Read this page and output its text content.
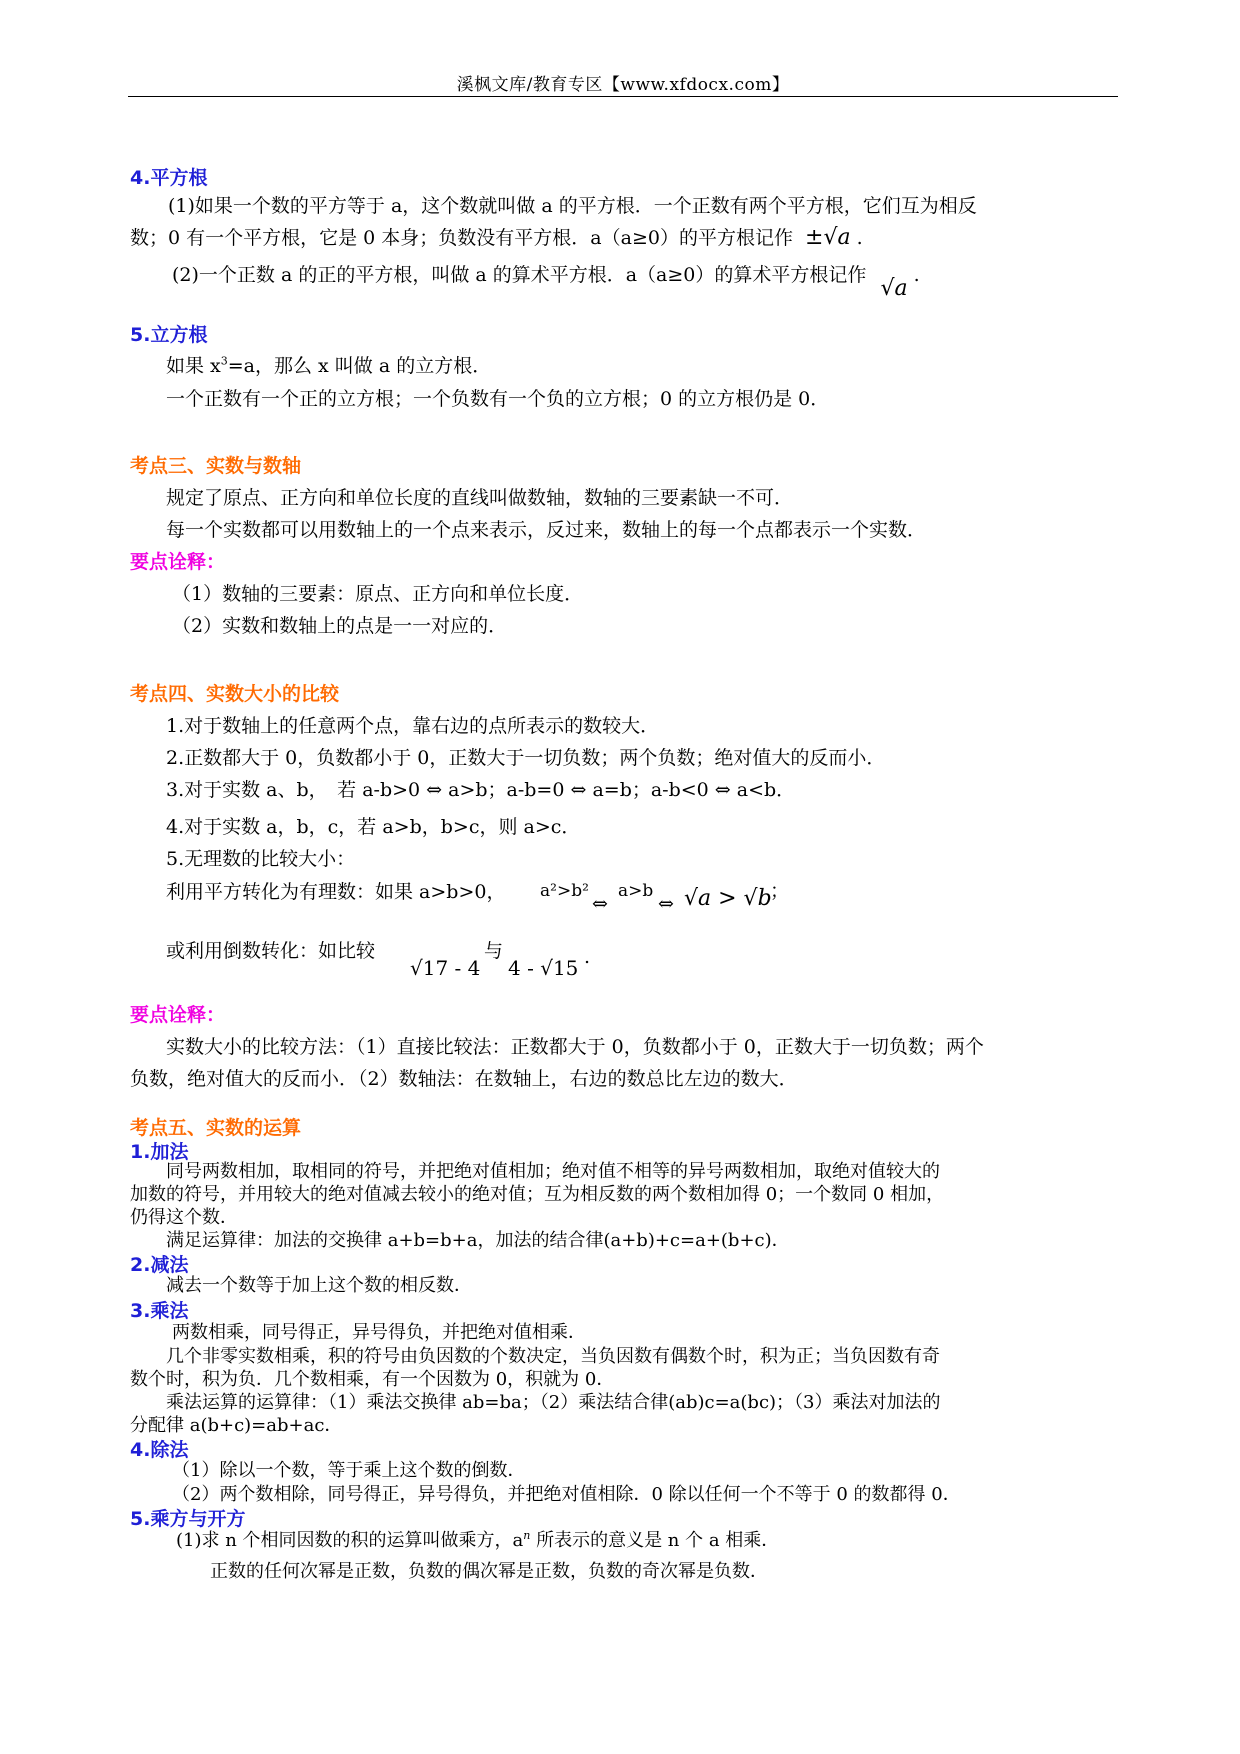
溪枫文库/教育专区【www.xfdocx.com】
4.平方根
(1)如果一个数的平方等于 a，这个数就叫做 a 的平方根．一个正数有两个平方根，它们互为相反
数；0 有一个平方根，它是 0 本身；负数没有平方根．a（a≥0）的平方根记作 ±√a .
(2)一个正数 a 的正的平方根，叫做 a 的算术平方根．a（a≥0）的算术平方根记作 √a .
5.立方根
如果 $x^3=a$，那么 x 叫做 a 的立方根．
一个正数有一个正的立方根；一个负数有一个负的立方根；0 的立方根仍是 0．
考点三、实数与数轴
规定了原点、正方向和单位长度的直线叫做数轴，数轴的三要素缺一不可．
每一个实数都可以用数轴上的一个点来表示，反过来，数轴上的每一个点都表示一个实数．
要点诠释：
（1）数轴的三要素：原点、正方向和单位长度．
（2）实数和数轴上的点是一一对应的．
考点四、实数大小的比较
1.对于数轴上的任意两个点，靠右边的点所表示的数较大．
2.正数都大于 0，负数都小于 0，正数大于一切负数；两个负数；绝对值大的反而小．
3.对于实数 a、b，　若 a-b>0 ⇔ a>b；a-b=0 ⇔ a=b；a-b<0 ⇔ a<b．
4.对于实数 a，b，c，若 a>b，b>c，则 a>c．
5.无理数的比较大小：
利用平方转化为有理数：如果 a>b>0， a²>b²
⇔
a>b
⇔ √a > √b
；
或利用倒数转化：如比较
√17 - 4
与
4 - √15 .
要点诠释：
实数大小的比较方法：（1）直接比较法：正数都大于 0，负数都小于 0，正数大于一切负数；两个
负数，绝对值大的反而小．（2）数轴法：在数轴上，右边的数总比左边的数大．
考点五、实数的运算
1.加法
同号两数相加，取相同的符号，并把绝对值相加；绝对值不相等的异号两数相加，取绝对值较大的
加数的符号，并用较大的绝对值减去较小的绝对值；互为相反数的两个数相加得 0；一个数同 0 相加，
仍得这个数．
满足运算律：加法的交换律 a+b=b+a，加法的结合律(a+b)+c=a+(b+c)．
2.减法
减去一个数等于加上这个数的相反数．
3.乘法
两数相乘，同号得正，异号得负，并把绝对值相乘．
几个非零实数相乘，积的符号由负因数的个数决定，当负因数有偶数个时，积为正；当负因数有奇
数个时，积为负．几个数相乘，有一个因数为 0，积就为 0．
乘法运算的运算律：（1）乘法交换律 ab=ba；（2）乘法结合律(ab)c=a(bc)；（3）乘法对加法的
分配律 a(b+c)=ab+ac．
4.除法
（1）除以一个数，等于乘上这个数的倒数．
（2）两个数相除，同号得正，异号得负，并把绝对值相除．0 除以任何一个不等于 0 的数都得 0．
5.乘方与开方
(1)求 n 个相同因数的积的运算叫做乘方，$a^n$ 所表示的意义是 n 个 a 相乘．
正数的任何次幂是正数，负数的偶次幂是正数，负数的奇次幂是负数．
